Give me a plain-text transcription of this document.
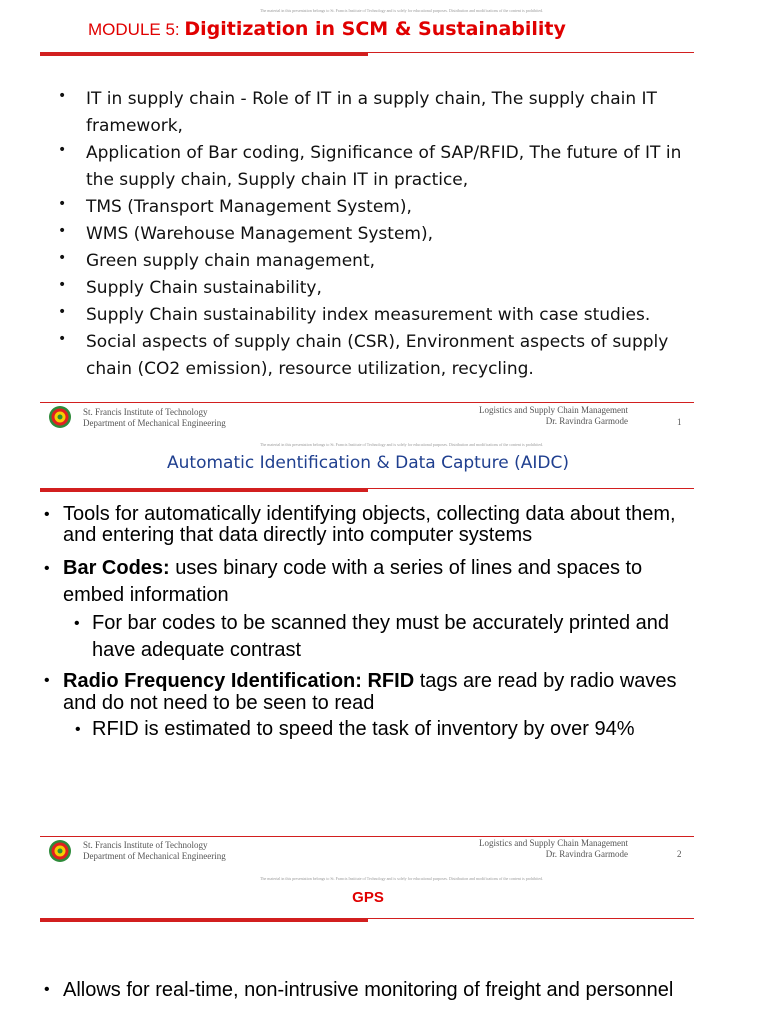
The material in this presentation belongs to St. Francis Institute of Technology and is solely for educational purposes. Distribution and modifications of the content is prohibited.
MODULE 5: Digitization in SCM & Sustainability
• IT in supply chain - Role of IT in a supply chain, The supply chain IT framework,
• Application of Bar coding, Significance of SAP/RFID, The future of IT in the supply chain, Supply chain IT in practice,
• TMS (Transport Management System),
• WMS (Warehouse Management System),
• Green supply chain management,
• Supply Chain sustainability,
• Supply Chain sustainability index measurement with case studies.
• Social aspects of supply chain (CSR), Environment aspects of supply chain (CO2 emission), resource utilization, recycling.
St. Francis Institute of Technology
Department of Mechanical Engineering
Logistics and Supply Chain Management
Dr. Ravindra Garmode	1
The material in this presentation belongs to St. Francis Institute of Technology and is solely for educational purposes. Distribution and modifications of the content is prohibited.
Automatic Identification & Data Capture (AIDC)
• Tools for automatically identifying objects, collecting data about them, and entering that data directly into computer systems
• Bar Codes: uses binary code with a series of lines and spaces to embed information
• For bar codes to be scanned they must be accurately printed and have adequate contrast
• Radio Frequency Identification: RFID tags are read by radio waves and do not need to be seen to read
• RFID is estimated to speed the task of inventory by over 94%
St. Francis Institute of Technology
Department of Mechanical Engineering
Logistics and Supply Chain Management
Dr. Ravindra Garmode	2
The material in this presentation belongs to St. Francis Institute of Technology and is solely for educational purposes. Distribution and modifications of the content is prohibited.
GPS
• Allows for real-time, non-intrusive monitoring of freight and personnel
